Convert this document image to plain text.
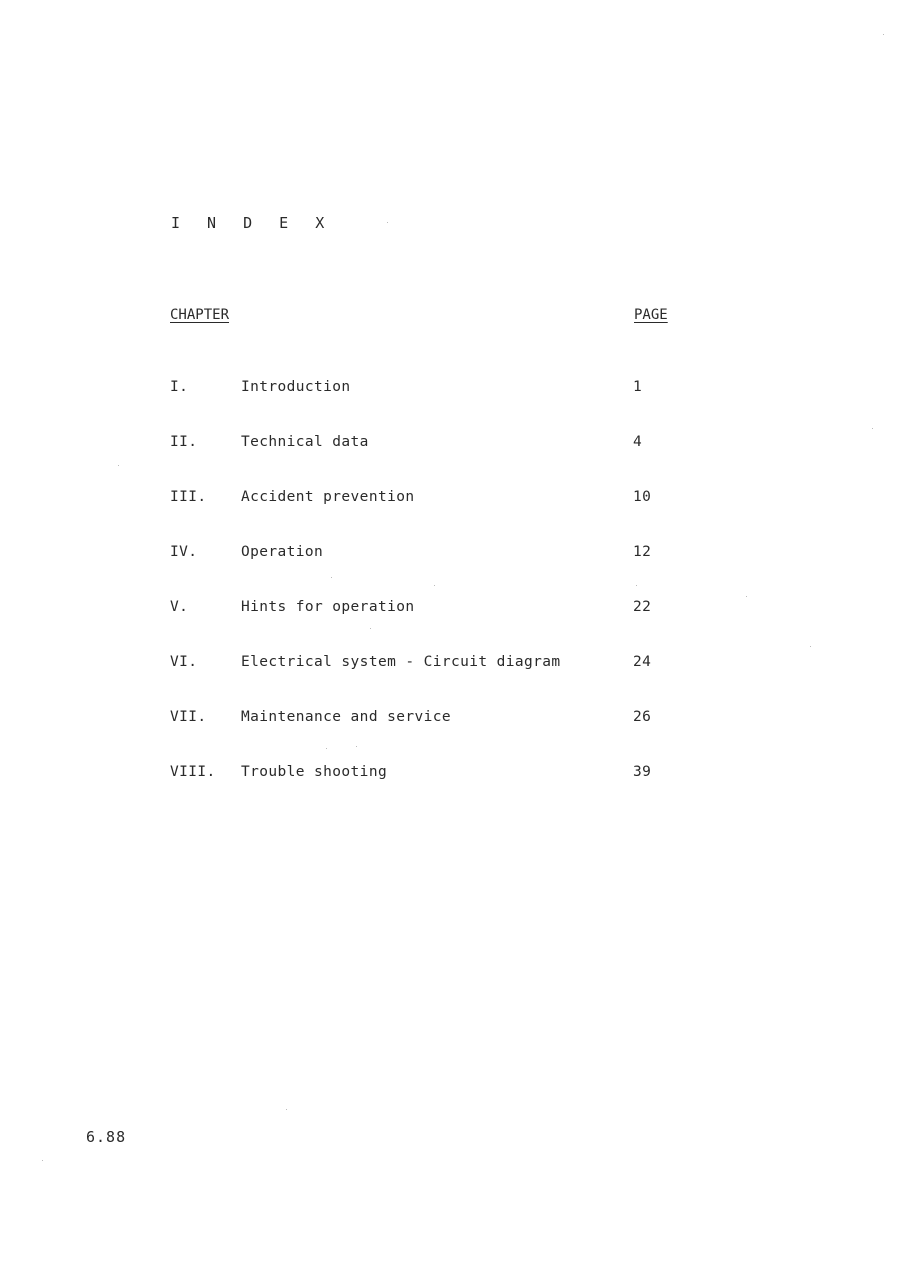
I N D E X
CHAPTER	PAGE
I.	Introduction	1
II.	Technical data	4
III. Accident prevention	10
IV.	Operation	12
V.	Hints for operation	22
VI.	Electrical system - Circuit diagram	24
VII. Maintenance and service	26
VIII. Trouble shooting	39
6.88
